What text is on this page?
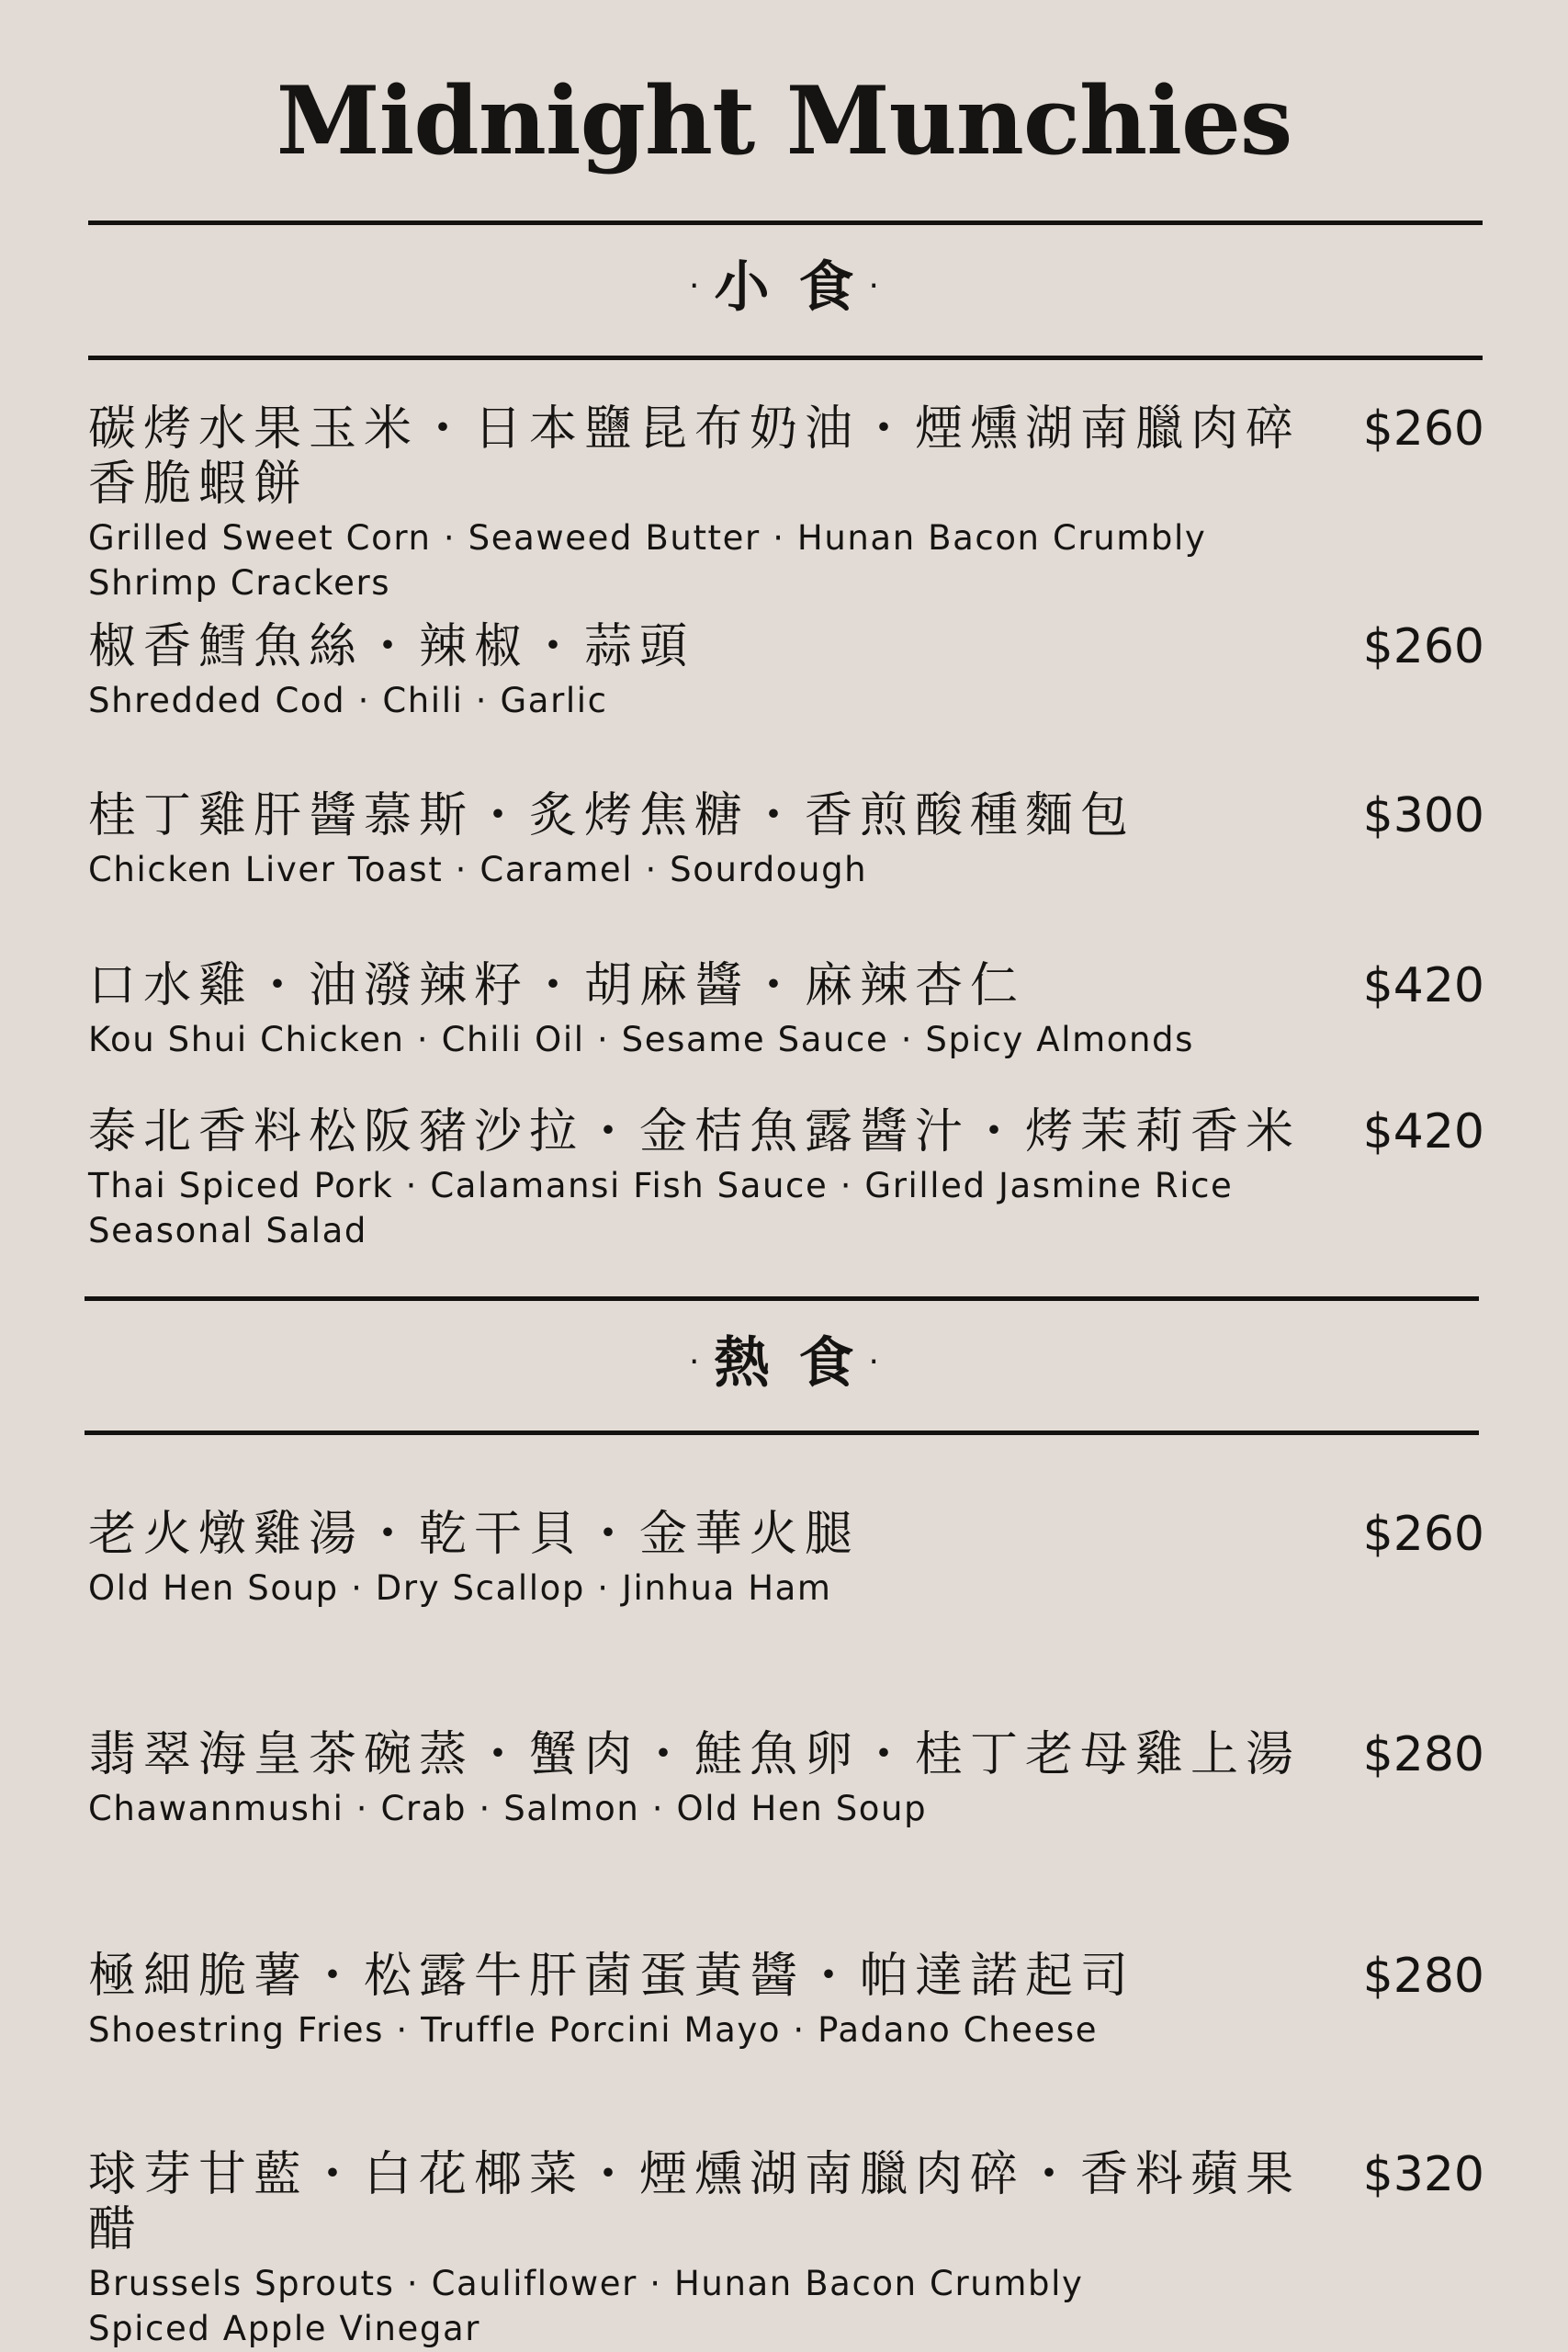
Midnight Munchies
· 小 食 ·
碳烤水果玉米・日本鹽昆布奶油・煙燻湖南臘肉碎香脆蝦餅
Grilled Sweet Corn · Seaweed Butter · Hunan Bacon Crumbly
Shrimp Crackers
$260
椒香鱈魚絲・辣椒・蒜頭
Shredded Cod · Chili · Garlic
$260
桂丁雞肝醬慕斯・炙烤焦糖・香煎酸種麵包
Chicken Liver Toast · Caramel · Sourdough
$300
口水雞・油潑辣籽・胡麻醬・麻辣杏仁
Kou Shui Chicken · Chili Oil · Sesame Sauce · Spicy Almonds
$420
泰北香料松阪豬沙拉・金桔魚露醬汁・烤茉莉香米
Thai Spiced Pork · Calamansi Fish Sauce · Grilled Jasmine Rice
Seasonal Salad
$420
· 熱 食 ·
老火燉雞湯・乾干貝・金華火腿
Old Hen Soup · Dry Scallop · Jinhua Ham
$260
翡翠海皇茶碗蒸・蟹肉・鮭魚卵・桂丁老母雞上湯
Chawanmushi · Crab · Salmon · Old Hen Soup
$280
極細脆薯・松露牛肝菌蛋黃醬・帕達諾起司
Shoestring Fries · Truffle Porcini Mayo · Padano Cheese
$280
球芽甘藍・白花椰菜・煙燻湖南臘肉碎・香料蘋果醋
Brussels Sprouts · Cauliflower · Hunan Bacon Crumbly
Spiced Apple Vinegar
$320
